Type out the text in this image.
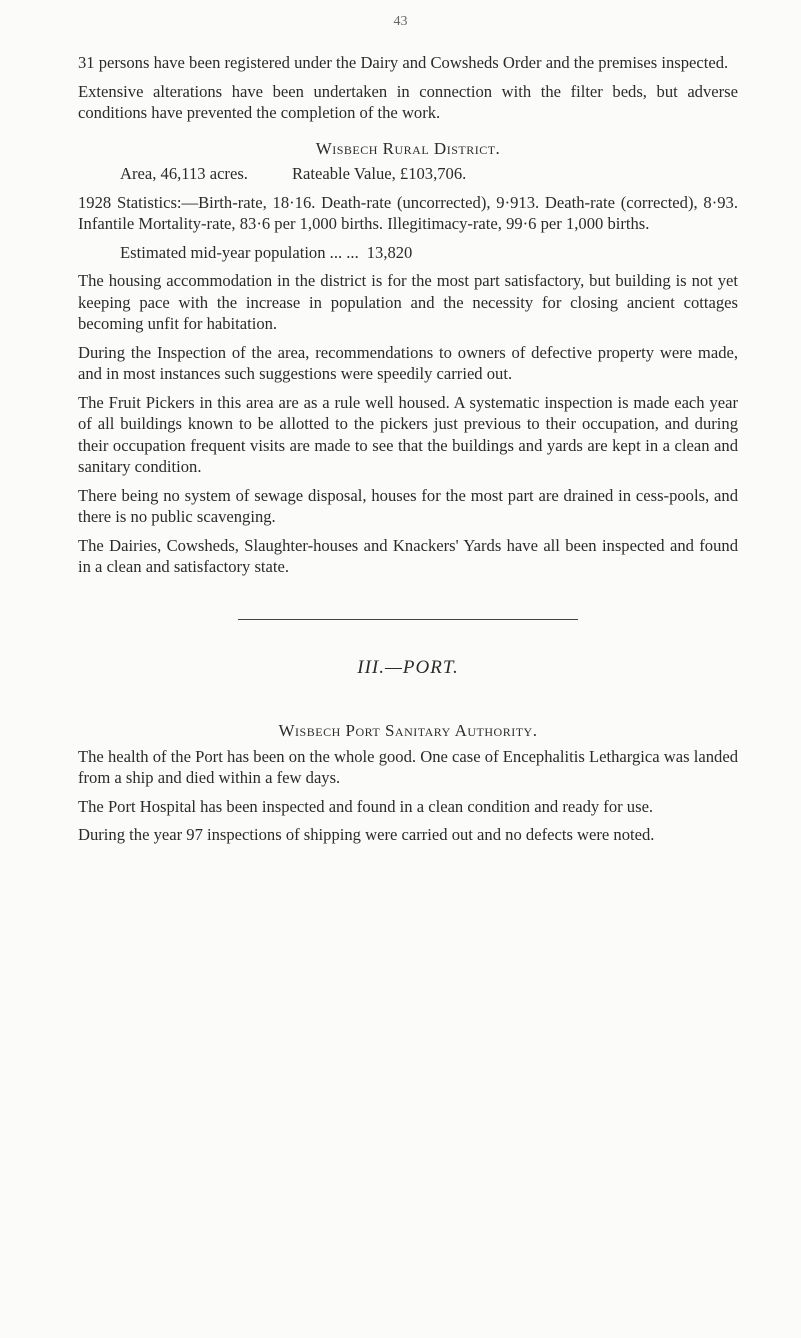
43

31 persons have been registered under the Dairy and Cowsheds Order and the premises inspected.

Extensive alterations have been undertaken in connection with the filter beds, but adverse conditions have prevented the completion of the work.

Wisbech Rural District.
Area, 46,113 acres.	Rateable Value, £103,706.

1928 Statistics:—Birth-rate, 18·16. Death-rate (uncorrected), 9·913. Death-rate (corrected), 8·93. Infantile Mortality-rate, 83·6 per 1,000 births. Illegitimacy-rate, 99·6 per 1,000 births.

Estimated mid-year population ... ... 13,820

The housing accommodation in the district is for the most part satisfactory, but building is not yet keeping pace with the increase in population and the necessity for closing ancient cottages becoming unfit for habitation.

During the Inspection of the area, recommendations to owners of defective property were made, and in most instances such suggestions were speedily carried out.

The Fruit Pickers in this area are as a rule well housed. A systematic inspection is made each year of all buildings known to be allotted to the pickers just previous to their occupation, and during their occupation frequent visits are made to see that the buildings and yards are kept in a clean and sanitary condition.

There being no system of sewage disposal, houses for the most part are drained in cess-pools, and there is no public scavenging.

The Dairies, Cowsheds, Slaughter-houses and Knackers' Yards have all been inspected and found in a clean and satisfactory state.

III.—PORT.
Wisbech Port Sanitary Authority.

The health of the Port has been on the whole good. One case of Encephalitis Lethargica was landed from a ship and died within a few days.

The Port Hospital has been inspected and found in a clean condition and ready for use.

During the year 97 inspections of shipping were carried out and no defects were noted.
